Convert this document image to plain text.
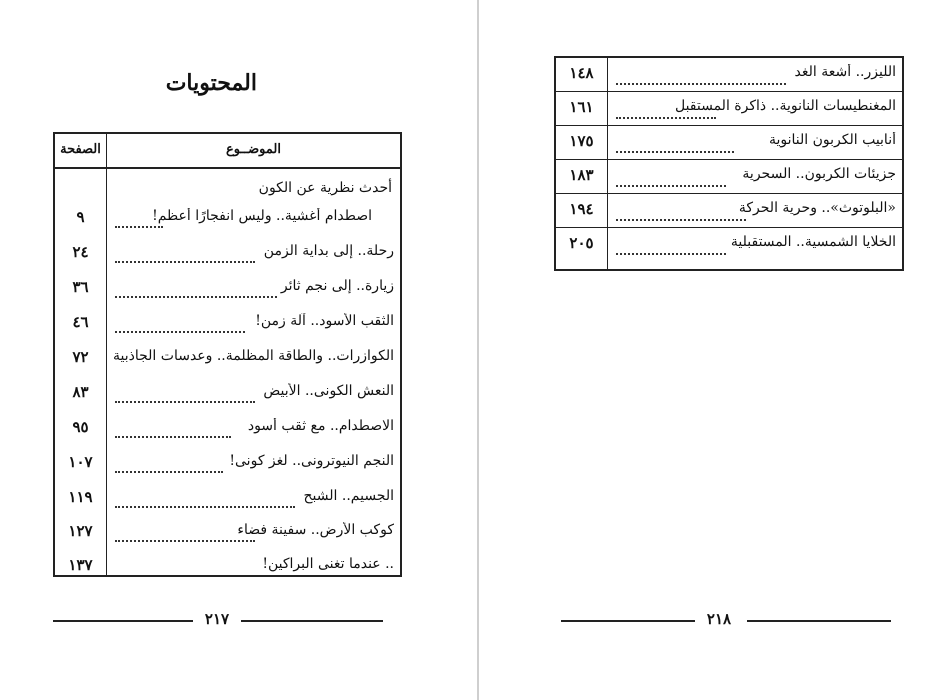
المحتويات
الصفحة	الموضــوع
أحدث نظرية عن الكون
٩	اصطدام أغشية.. وليس انفجارًا أعظم!
٢٤	رحلة.. إلى بداية الزمن
٣٦	زيارة.. إلى نجم ثائر
٤٦	الثقب الأسود.. آلة زمن!
٧٢	الكوازرات.. والطاقة المظلمة.. وعدسات الجاذبية
٨٣	النعش الكونى.. الأبيض
٩٥	الاصطدام.. مع ثقب أسود
١٠٧	النجم النيوترونى.. لغز كونى!
١١٩	الجسيم.. الشبح
١٢٧	كوكب الأرض.. سفينة فضاء
١٣٧	.. عندما تغنى البراكين!
٢١٧
١٤٨	الليزر.. أشعة الغد
١٦١	المغنطيسات النانوية.. ذاكرة المستقبل
١٧٥	أنابيب الكربون النانوية
١٨٣	جزيئات الكربون.. السحرية
١٩٤	«البلوتوث».. وحرية الحركة
٢٠٥	الخلايا الشمسية.. المستقبلية
٢١٨
